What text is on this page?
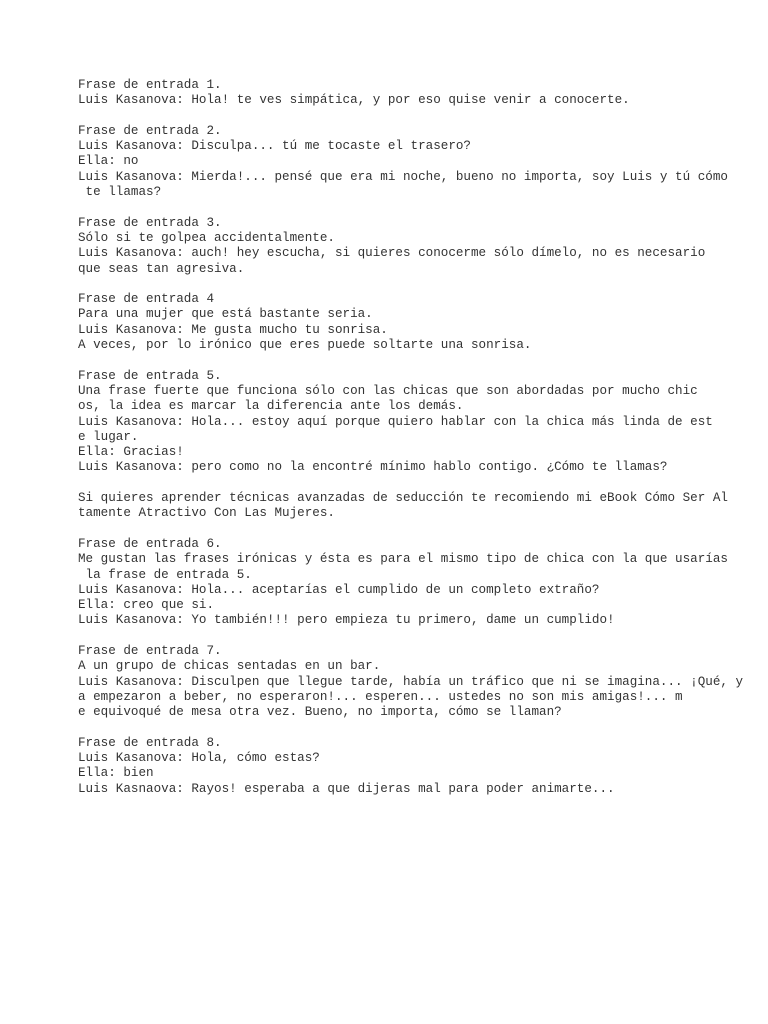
Frase de entrada 1.
Luis Kasanova: Hola! te ves simpática, y por eso quise venir a conocerte.
Frase de entrada 2.
Luis Kasanova: Disculpa... tú me tocaste el trasero?
Ella: no
Luis Kasanova: Mierda!... pensé que era mi noche, bueno no importa, soy Luis y tú cómo
te llamas?
Frase de entrada 3.
Sólo si te golpea accidentalmente.
Luis Kasanova: auch! hey escucha, si quieres conocerme sólo dímelo, no es necesario
que seas tan agresiva.
Frase de entrada 4
Para una mujer que está bastante seria.
Luis Kasanova: Me gusta mucho tu sonrisa.
A veces, por lo irónico que eres puede soltarte una sonrisa.
Frase de entrada 5.
Una frase fuerte que funciona sólo con las chicas que son abordadas por mucho chic
os, la idea es marcar la diferencia ante los demás.
Luis Kasanova: Hola... estoy aquí porque quiero hablar con la chica más linda de est
e lugar.
Ella: Gracias!
Luis Kasanova: pero como no la encontré mínimo hablo contigo. ¿Cómo te llamas?
Si quieres aprender técnicas avanzadas de seducción te recomiendo mi eBook Cómo Ser Al
tamente Atractivo Con Las Mujeres.
Frase de entrada 6.
Me gustan las frases irónicas y ésta es para el mismo tipo de chica con la que usarías
la frase de entrada 5.
Luis Kasanova: Hola... aceptarías el cumplido de un completo extraño?
Ella: creo que si.
Luis Kasanova: Yo también!!! pero empieza tu primero, dame un cumplido!
Frase de entrada 7.
A un grupo de chicas sentadas en un bar.
Luis Kasanova: Disculpen que llegue tarde, había un tráfico que ni se imagina... ¡Qué, y
a empezaron a beber, no esperaron!... esperen... ustedes no son mis amigas!... m
e equivoqué de mesa otra vez. Bueno, no importa, cómo se llaman?
Frase de entrada 8.
Luis Kasanova: Hola, cómo estas?
Ella: bien
Luis Kasnaova: Rayos! esperaba a que dijeras mal para poder animarte...
